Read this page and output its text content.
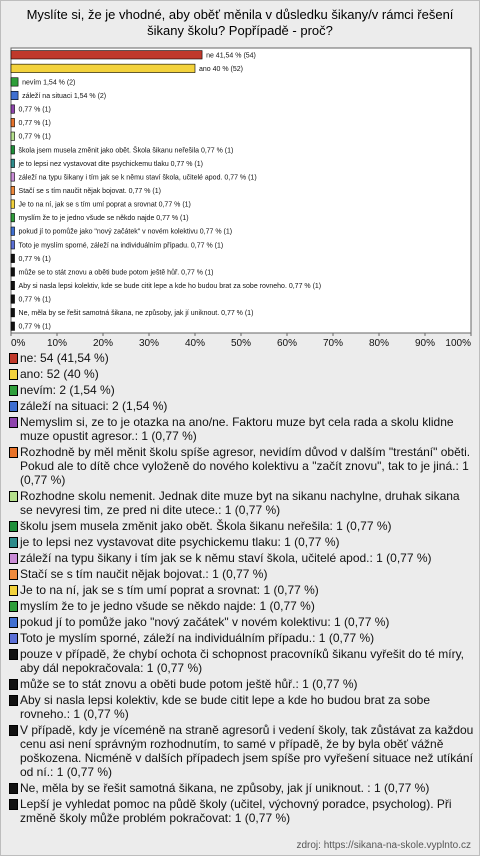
Myslíte si, že je vhodné, aby oběť měnila v důsledku šikany/v rámci řešení šikany školu? Popřípadě - proč?
ne 41,54 % (54)
ano 40 % (52)
nevím 1,54 % (2)
záleží na situaci 1,54 % (2)
0,77 % (1)
0,77 % (1)
0,77 % (1)
škola jsem musela změnit jako obět. Škola šikanu neřešila 0,77 % (1)
je to lepsi nez vystavovat dite psychickemu tlaku 0,77 % (1)
záleží na typu šikany i tím jak se k němu staví škola, učitelé apod. 0,77 % (1)
Stačí se s tím naučit nějak bojovat. 0,77 % (1)
Je to na ní, jak se s tím umí poprat a srovnat 0,77 % (1)
myslím že to je jedno všude se někdo najde 0,77 % (1)
pokud jí to pomůže jako "nový začátek" v novém kolektivu 0,77 % (1)
Toto je myslím sporné, záleží na individuálním případu. 0,77 % (1)
0,77 % (1)
může se to stát znovu a oběti bude potom ještě hůř. 0,77 % (1)
Aby si nasla lepsi kolektiv, kde se bude citit lepe a kde ho budou brat za sobe rovneho. 0,77 % (1)
0,77 % (1)
Ne, měla by se řešit samotná šikana, ne způsoby, jak jí uniknout. 0,77 % (1)
0,77 % (1)
0% 10%	20%	30%	40%	50%	60%	70%	80%	90% 100%
ne: 54 (41,54 %)
ano: 52 (40 %)
nevím: 2 (1,54 %)
záleží na situaci: 2 (1,54 %)
Nemyslim si, ze to je otazka na ano/ne. Faktoru muze byt cela rada a skolu klidne muze opustit agresor.: 1 (0,77 %)
Rozhodně by měl měnit školu spíše agresor, nevidím důvod v dalším "trestání" oběti. Pokud ale to dítě chce vyloženě do nového kolektivu a "začít znovu", tak to je jiná.: 1 (0,77 %)
Rozhodne skolu nemenit. Jednak dite muze byt na sikanu nachylne, druhak sikana se nevyresi tim, ze pred ni dite utece.: 1 (0,77 %)
školu jsem musela změnit jako obět. Škola šikanu neřešila: 1 (0,77 %)
je to lepsi nez vystavovat dite psychickemu tlaku: 1 (0,77 %)
záleží na typu šikany i tím jak se k němu staví škola, učitelé apod.: 1 (0,77 %)
Stačí se s tím naučit nějak bojovat.: 1 (0,77 %)
Je to na ní, jak se s tím umí poprat a srovnat: 1 (0,77 %)
myslím že to je jedno všude se někdo najde: 1 (0,77 %)
pokud jí to pomůže jako "nový začátek" v novém kolektivu: 1 (0,77 %)
Toto je myslím sporné, záleží na individuálním případu.: 1 (0,77 %)
pouze v případě, že chybí ochota či schopnost pracovníků šikanu vyřešit do té míry, aby dál nepokračovala: 1 (0,77 %)
může se to stát znovu a oběti bude potom ještě hůř.: 1 (0,77 %)
Aby si nasla lepsi kolektiv, kde se bude citit lepe a kde ho budou brat za sobe rovneho.: 1 (0,77 %)
V případě, kdy je víceméně na straně agresorů i vedení školy, tak zůstávat za každou cenu asi není správným rozhodnutím, to samé v případě, že by byla oběť vážně poškozena. Nicméně v dalších případech jsem spíše pro vyřešení situace než utíkání od ní.: 1 (0,77 %)
Ne, měla by se řešit samotná šikana, ne způsoby, jak jí uniknout. : 1 (0,77 %)
Lepší je vyhledat pomoc na půdě školy (učitel, výchovný poradce, psycholog). Při změně školy může problém pokračovat: 1 (0,77 %)
zdroj: https://sikana-na-skole.vyplnto.cz
